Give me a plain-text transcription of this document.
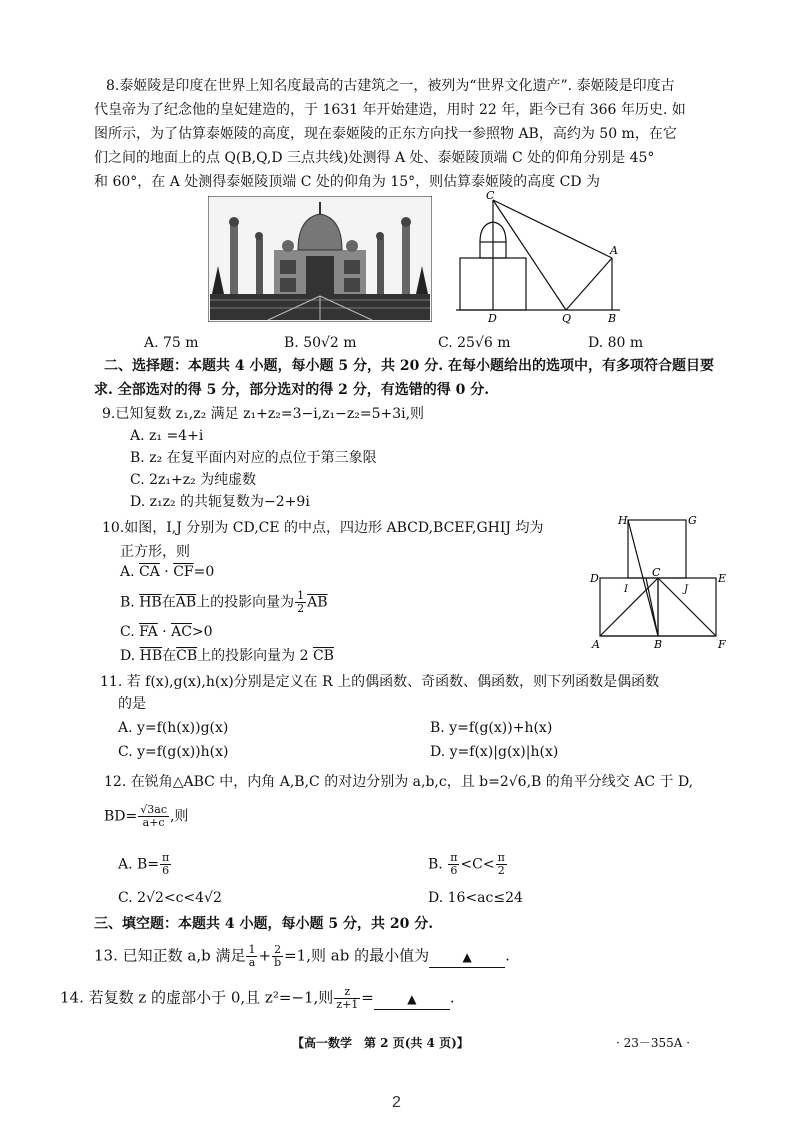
8.泰姬陵是印度在世界上知名度最高的古建筑之一，被列为“世界文化遗产”. 泰姬陵是印度古
代皇帝为了纪念他的皇妃建造的，于 1631 年开始建造，用时 22 年，距今已有 366 年历史. 如
图所示，为了估算泰姬陵的高度，现在泰姬陵的正东方向找一参照物 AB，高约为 50 m，在它
们之间的地面上的点 Q(B,Q,D 三点共线)处测得 A 处、泰姬陵顶端 C 处的仰角分别是 45°
和 60°，在 A 处测得泰姬陵顶端 C 处的仰角为 15°，则估算泰姬陵的高度 CD 为
C
A
D	Q	B
A. 75 m	B. 50√2 m	C. 25√6 m	D. 80 m
二、选择题：本题共 4 小题，每小题 5 分，共 20 分. 在每小题给出的选项中，有多项符合题目要
求. 全部选对的得 5 分，部分选对的得 2 分，有选错的得 0 分.
9.已知复数 z₁,z₂ 满足 z₁+z₂=3−i,z₁−z₂=5+3i,则
A. z₁ =4+i
B. z₂ 在复平面内对应的点位于第三象限
C. 2z₁+z₂ 为纯虚数
D. z₁z₂ 的共轭复数为−2+9i
10.如图，I,J 分别为 CD,CE 的中点，四边形 ABCD,BCEF,GHIJ 均为
正方形，则
A. $\overline{CA} \cdot \overline{CF}=0$
B. $\overline{HB}$在$\overline{AB}$上的投影向量为 $\frac{1}{2} \overline{AB}$
C. $\overline{FA} \cdot \overline{AC}>0$
D. $\overline{HB}$在$\overline{CB}$上的投影向量为 2 $\overline{CB}$
H	G
D
I
C
J
E
A	B	F
11. 若 f(x),g(x),h(x)分别是定义在 R 上的偶函数、奇函数、偶函数，则下列函数是偶函数
的是
A. y=f(h(x))g(x)	B. y=f(g(x))+h(x)
C. y=f(g(x))h(x)	D. y=f(x)|g(x)|h(x)
12. 在锐角△ABC 中，内角 A,B,C 的对边分别为 a,b,c，且 b=2√6,B 的角平分线交 AC 于 D,
$BD= \frac{√3ac}{a+c}$ ,则
A. $B= \frac{\pi}{6}$	B. $\frac{\pi}{6} <C< \frac{\pi}{2}$
C. 2√2<c<4√2	D. 16<ac≤24
三、填空题：本题共 4 小题，每小题 5 分，共 20 分.
13. 已知正数 a,b 满足 $\frac{1}{a} + \frac{2}{b} =1$,则 ab 的最小值为	▲ .
14. 若复数 z 的虚部小于 0,且 z²=−1,则 $\frac{z}{z+1}$ =	▲ .
【高一数学　第 2 页(共 4 页)】	· 23－355A ·
2
